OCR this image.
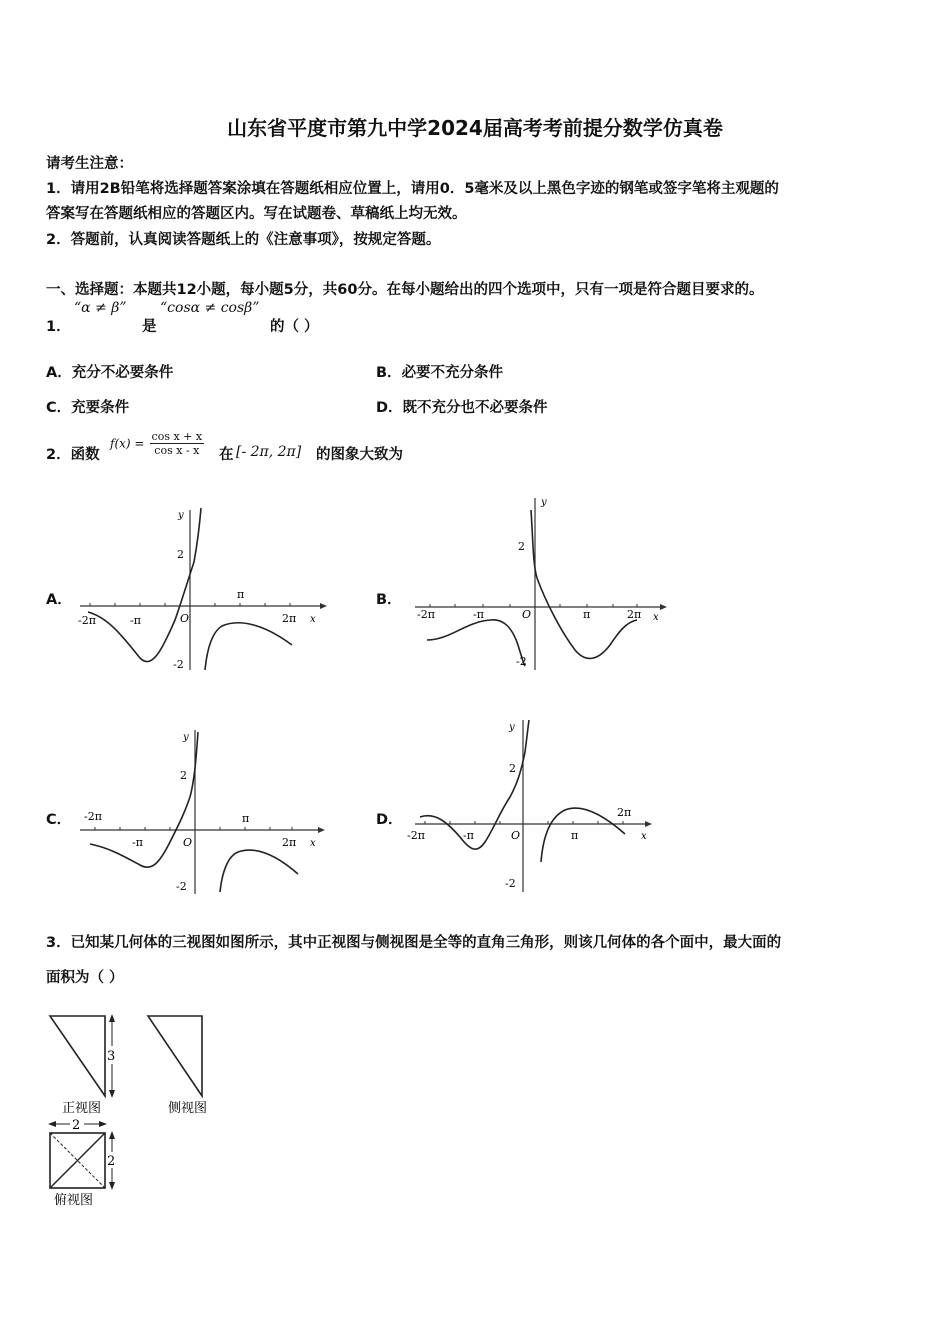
山东省平度市第九中学2024届高考考前提分数学仿真卷
请考生注意：
1．请用2B铅笔将选择题答案涂填在答题纸相应位置上，请用0．5毫米及以上黑色字迹的钢笔或签字笔将主观题的
答案写在答题纸相应的答题区内。写在试题卷、草稿纸上均无效。
2．答题前，认真阅读答题纸上的《注意事项》，按规定答题。
一、选择题：本题共12小题，每小题5分，共60分。在每小题给出的四个选项中，只有一项是符合题目要求的。
1．
“α ≠ β”
是
“cosα ≠ cosβ”
的（ ）
A．充分不必要条件	B．必要不充分条件
C．充要条件	D．既不充分也不必要条件
2．函数
$f(x) = \frac{\text{cos x + x}}{\text{cos x - x}}$ 在 [- 2π, 2π] 的图象大致为
A．	B．
C．	D．
y
2
-2
O
π
-π
-2π	2π x
y
2
-2
O	π
-π
-2π	2π x
y
2
-2
O
π
-π
-2π
2π x
y
2
-2
O	π
-π
-2π
2π
x
3．已知某几何体的三视图如图所示，其中正视图与侧视图是全等的直角三角形，则该几何体的各个面中，最大面的
面积为（ ）
3
正视图	侧视图
2
2
俯视图
